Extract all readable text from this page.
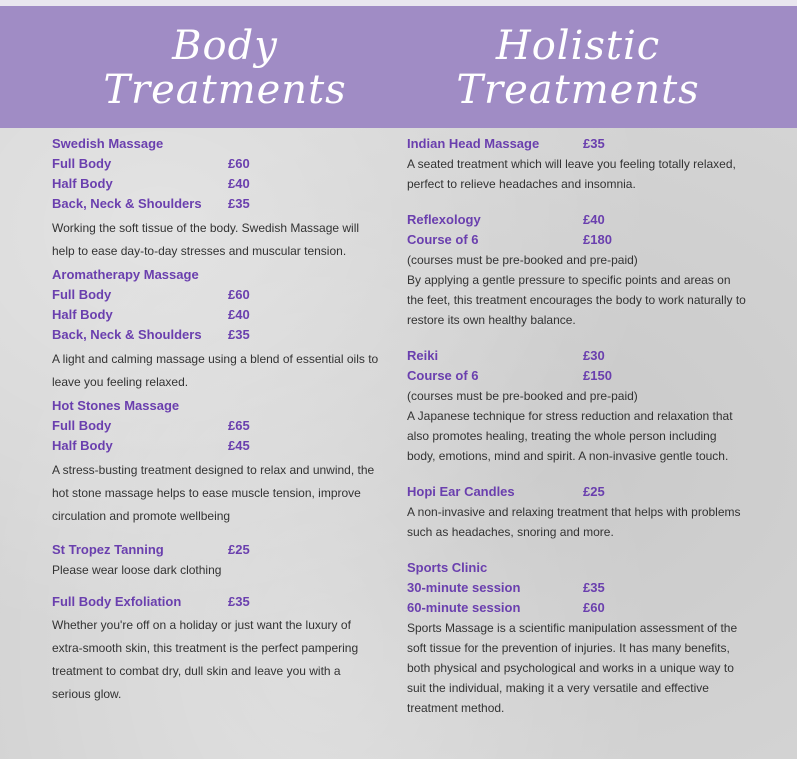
Body
Treatments
Holistic
Treatments
Swedish Massage
Full Body	£60
Half Body	£40
Back, Neck & Shoulders	£35

Working the soft tissue of the body. Swedish Massage will help to ease day-to-day stresses and muscular tension.

Aromatherapy Massage
Full Body	£60
Half Body	£40
Back, Neck & Shoulders	£35

A light and calming massage using a blend of essential oils to leave you feeling relaxed.

Hot Stones Massage
Full Body	£65
Half Body	£45

A stress-busting treatment designed to relax and unwind, the hot stone massage helps to ease muscle tension, improve circulation and promote wellbeing

St Tropez Tanning	£25

Please wear loose dark clothing

Full Body Exfoliation	£35

Whether you're off on a holiday or just want the luxury of extra-smooth skin, this treatment is the perfect pampering treatment to combat dry, dull skin and leave you with a serious glow.

Indian Head Massage	£35

A seated treatment which will leave you feeling totally relaxed, perfect to relieve headaches and insomnia.

Reflexology	£40
Course of 6	£180

(courses must be pre-booked and pre-paid)

By applying a gentle pressure to specific points and areas on the feet, this treatment encourages the body to work naturally to restore its own healthy balance.

Reiki	£30
Course of 6	£150

(courses must be pre-booked and pre-paid)

A Japanese technique for stress reduction and relaxation that also promotes healing, treating the whole person including body, emotions, mind and spirit. A non-invasive gentle touch.

Hopi Ear Candles	£25

A non-invasive and relaxing treatment that helps with problems such as headaches, snoring and more.

Sports Clinic
30-minute session	£35
60-minute session	£60

Sports Massage is a scientific manipulation assessment of the soft tissue for the prevention of injuries. It has many benefits, both physical and psychological and works in a unique way to suit the individual, making it a very versatile and effective treatment method.
